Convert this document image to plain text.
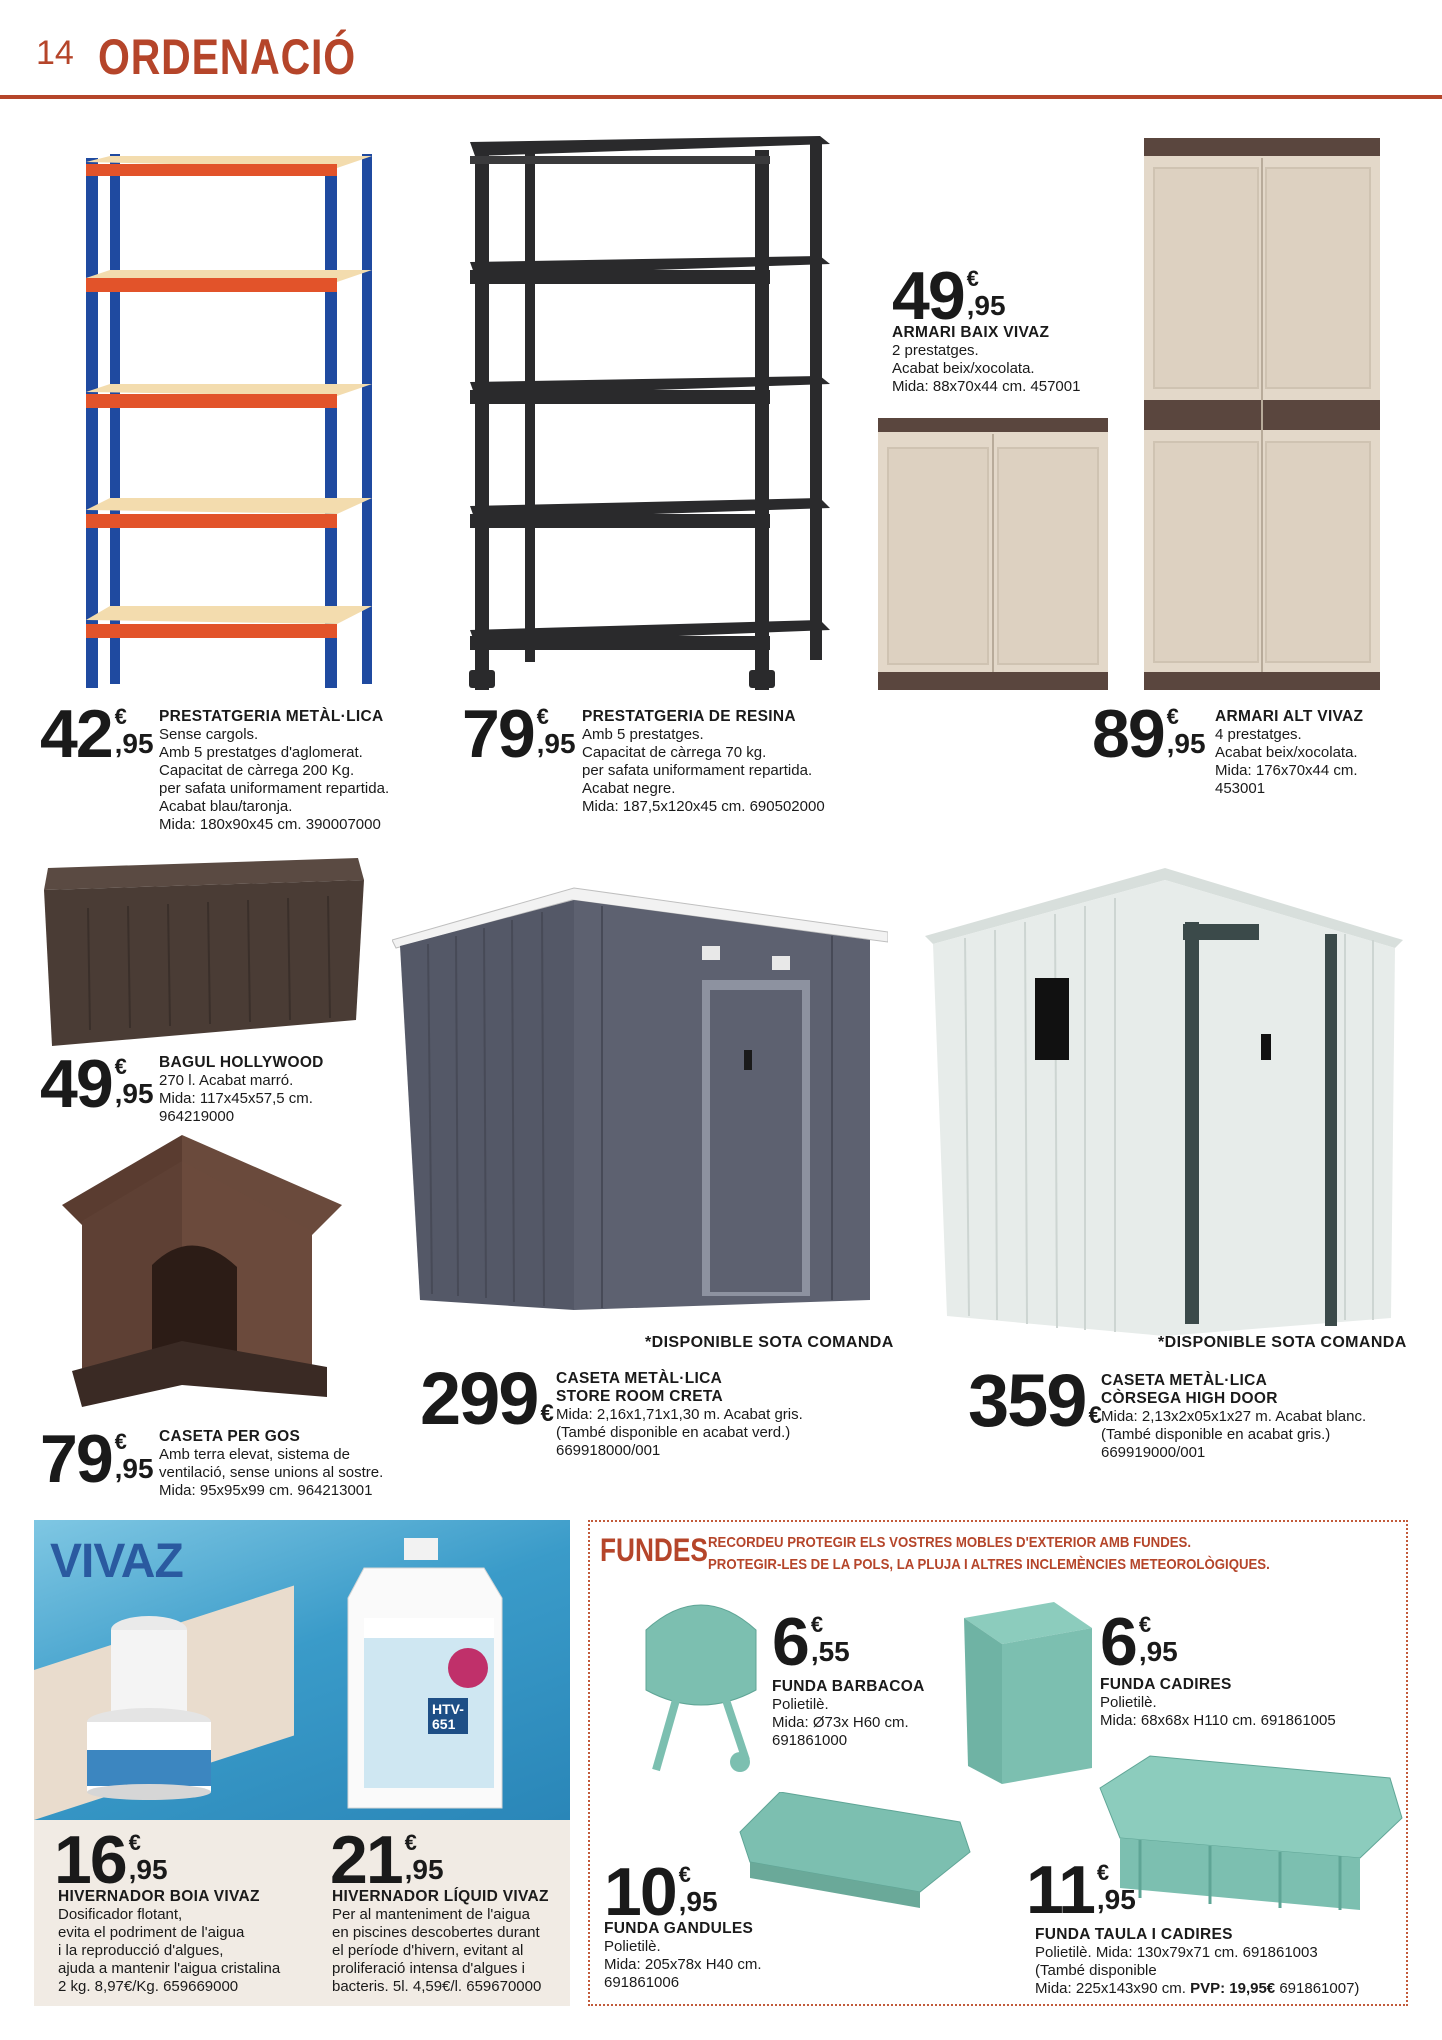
14 ORDENACIÓ
42 €
,95
PRESTATGERIA METÀL·LICA
Sense cargols.
Amb 5 prestatges d'aglomerat.
Capacitat de càrrega 200 Kg.
per safata uniformament repartida.
Acabat blau/taronja.
Mida: 180x90x45 cm. 390007000
79 €
,95
PRESTATGERIA DE RESINA
Amb 5 prestatges.
Capacitat de càrrega 70 kg.
per safata uniformament repartida.
Acabat negre.
Mida: 187,5x120x45 cm. 690502000
49 €
,95
ARMARI BAIX VIVAZ
2 prestatges.
Acabat beix/xocolata.
Mida: 88x70x44 cm. 457001
89 €
,95
ARMARI ALT VIVAZ
4 prestatges.
Acabat beix/xocolata.
Mida: 176x70x44 cm.
453001
49 €
,95
BAGUL HOLLYWOOD
270 l. Acabat marró.
Mida: 117x45x57,5 cm.
964219000
79 €
,95
CASETA PER GOS
Amb terra elevat, sistema de
ventilació, sense unions al sostre.
Mida: 95x95x99 cm. 964213001
*DISPONIBLE SOTA COMANDA
299 €
CASETA METÀL·LICA
STORE ROOM CRETA
Mida: 2,16x1,71x1,30 m. Acabat gris.
(També disponible en acabat verd.)
669918000/001
*DISPONIBLE SOTA COMANDA
359 €
CASETA METÀL·LICA
CÒRSEGA HIGH DOOR
Mida: 2,13x2x05x1x27 m. Acabat blanc.
(També disponible en acabat gris.)
669919000/001
VIVAZ
HTV-651
16 €
,95
HIVERNADOR BOIA VIVAZ
Dosificador flotant,
evita el podriment de l'aigua
i la reproducció d'algues,
ajuda a mantenir l'aigua cristalina
2 kg. 8,97€/Kg. 659669000
21 €
,95
HIVERNADOR LÍQUID VIVAZ
Per al manteniment de l'aigua
en piscines descobertes durant
el període d'hivern, evitant al
proliferació intensa d'algues i
bacteris. 5l. 4,59€/l. 659670000
FUNDES RECORDEU PROTEGIR ELS VOSTRES MOBLES D'EXTERIOR AMB FUNDES.
PROTEGIR-LES DE LA POLS, LA PLUJA I ALTRES INCLEMÈNCIES METEOROLÒGIQUES.
6 €
,55
FUNDA BARBACOA
Polietilè.
Mida: Ø73x H60 cm.
691861000
6 €
,95
FUNDA CADIRES
Polietilè.
Mida: 68x68x H110 cm. 691861005
10 €
,95
FUNDA GANDULES
Polietilè.
Mida: 205x78x H40 cm.
691861006
11 €
,95
FUNDA TAULA I CADIRES
Polietilè. Mida: 130x79x71 cm. 691861003
(També disponible
Mida: 225x143x90 cm. PVP: 19,95€ 691861007)
